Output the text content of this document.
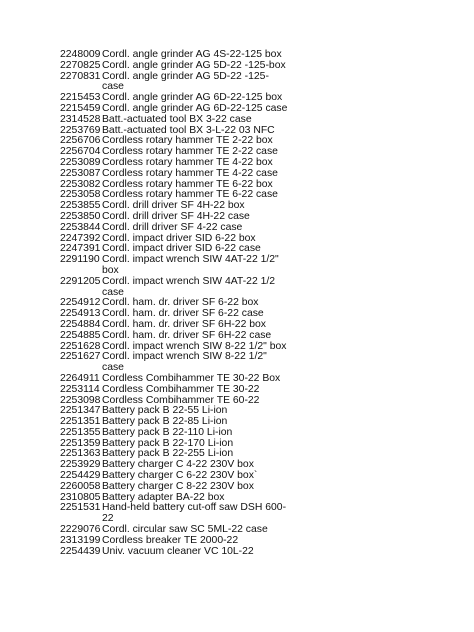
2248009 Cordl. angle grinder AG 4S-22-125 box
2270825 Cordl. angle grinder AG 5D-22 -125-box
2270831 Cordl. angle grinder AG 5D-22 -125-
case
2215453 Cordl. angle grinder AG 6D-22-125 box
2215459 Cordl. angle grinder AG 6D-22-125 case
2314528 Batt.-actuated tool BX 3-22 case
2253769 Batt.-actuated tool BX 3-L-22 03 NFC
2256706 Cordless rotary hammer TE 2-22 box
2256704 Cordless rotary hammer TE 2-22 case
2253089 Cordless rotary hammer TE 4-22 box
2253087 Cordless rotary hammer TE 4-22 case
2253082 Cordless rotary hammer TE 6-22 box
2253058 Cordless rotary hammer TE 6-22 case
2253855 Cordl. drill driver SF 4H-22 box
2253850 Cordl. drill driver SF 4H-22 case
2253844 Cordl. drill driver SF 4-22 case
2247392 Cordl. impact driver SID 6-22 box
2247391 Cordl. impact driver SID 6-22 case
2291190 Cordl. impact wrench SIW 4AT-22 1/2"
box
2291205 Cordl. impact wrench SIW 4AT-22 1/2
case
2254912 Cordl. ham. dr. driver SF 6-22 box
2254913 Cordl. ham. dr. driver SF 6-22 case
2254884 Cordl. ham. dr. driver SF 6H-22 box
2254885 Cordl. ham. dr. driver SF 6H-22 case
2251628 Cordl. impact wrench SIW 8-22 1/2" box
2251627 Cordl. impact wrench SIW 8-22 1/2"
case
2264911 Cordless Combihammer TE 30-22 Box
2253114 Cordless Combihammer TE 30-22
2253098 Cordless Combihammer TE 60-22
2251347 Battery pack B 22-55 Li-ion
2251351 Battery pack B 22-85 Li-ion
2251355 Battery pack B 22-110 Li-ion
2251359 Battery pack B 22-170 Li-ion
2251363 Battery pack B 22-255 Li-ion
2253929 Battery charger C 4-22 230V box
2254429 Battery charger C 6-22 230V box`
2260058 Battery charger C 8-22 230V box
2310805 Battery adapter BA-22 box
2251531 Hand-held battery cut-off saw DSH 600-
22
2229076 Cordl. circular saw SC 5ML-22 case
2313199 Cordless breaker TE 2000-22
2254439 Univ. vacuum cleaner VC 10L-22
